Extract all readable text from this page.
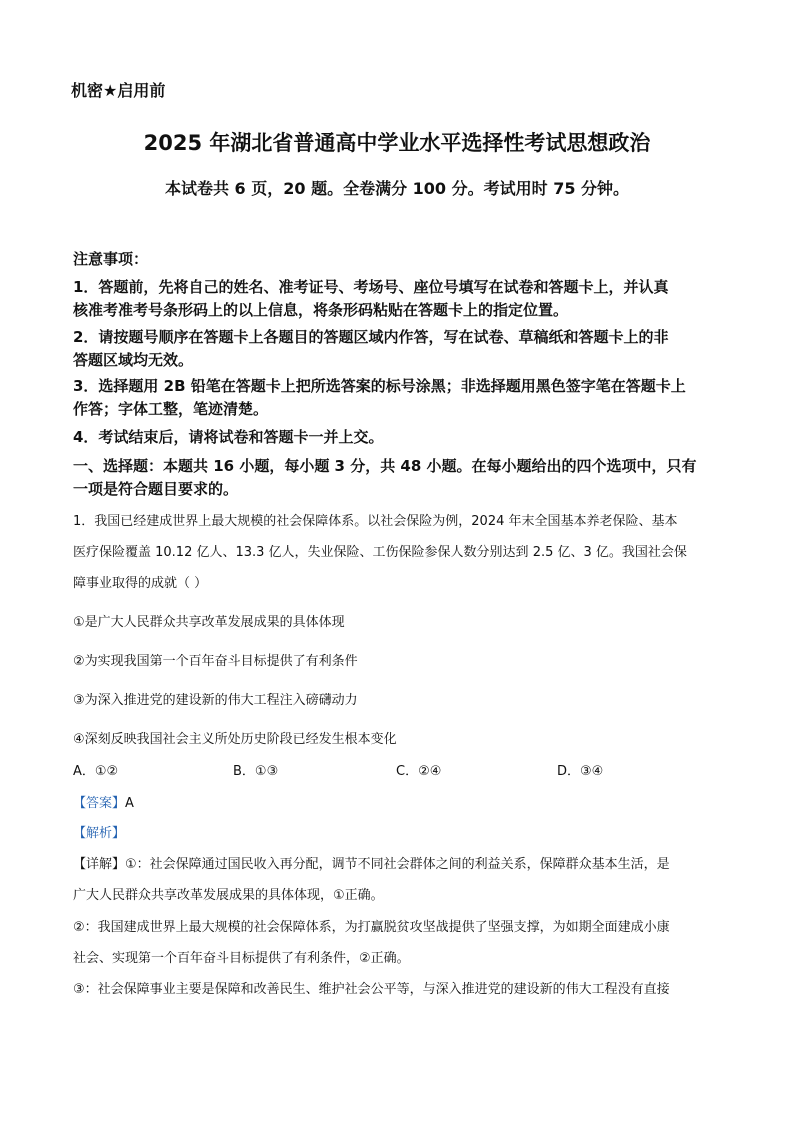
机密★启用前
2025 年湖北省普通高中学业水平选择性考试思想政治
本试卷共 6 页，20 题。全卷满分 100 分。考试用时 75 分钟。
注意事项：
1．答题前，先将自己的姓名、准考证号、考场号、座位号填写在试卷和答题卡上，并认真
核准考准考号条形码上的以上信息，将条形码粘贴在答题卡上的指定位置。
2．请按题号顺序在答题卡上各题目的答题区域内作答，写在试卷、草稿纸和答题卡上的非
答题区域均无效。
3．选择题用 2B 铅笔在答题卡上把所选答案的标号涂黑；非选择题用黑色签字笔在答题卡上
作答；字体工整，笔迹清楚。
4．考试结束后，请将试卷和答题卡一并上交。
一、选择题：本题共 16 小题，每小题 3 分，共 48 小题。在每小题给出的四个选项中，只有
一项是符合题目要求的。
1．我国已经建成世界上最大规模的社会保障体系。以社会保险为例，2024 年末全国基本养老保险、基本
医疗保险覆盖 10.12 亿人、13.3 亿人，失业保险、工伤保险参保人数分别达到 2.5 亿、3 亿。我国社会保
障事业取得的成就（ ）
①是广大人民群众共享改革发展成果的具体体现
②为实现我国第一个百年奋斗目标提供了有利条件
③为深入推进党的建设新的伟大工程注入磅礴动力
④深刻反映我国社会主义所处历史阶段已经发生根本变化
A．①②	B．①③	C．②④	D．③④
【答案】A
【解析】
【详解】①：社会保障通过国民收入再分配，调节不同社会群体之间的利益关系，保障群众基本生活，是
广大人民群众共享改革发展成果的具体体现，①正确。
②：我国建成世界上最大规模的社会保障体系，为打赢脱贫攻坚战提供了坚强支撑，为如期全面建成小康
社会、实现第一个百年奋斗目标提供了有利条件，②正确。
③：社会保障事业主要是保障和改善民生、维护社会公平等，与深入推进党的建设新的伟大工程没有直接
